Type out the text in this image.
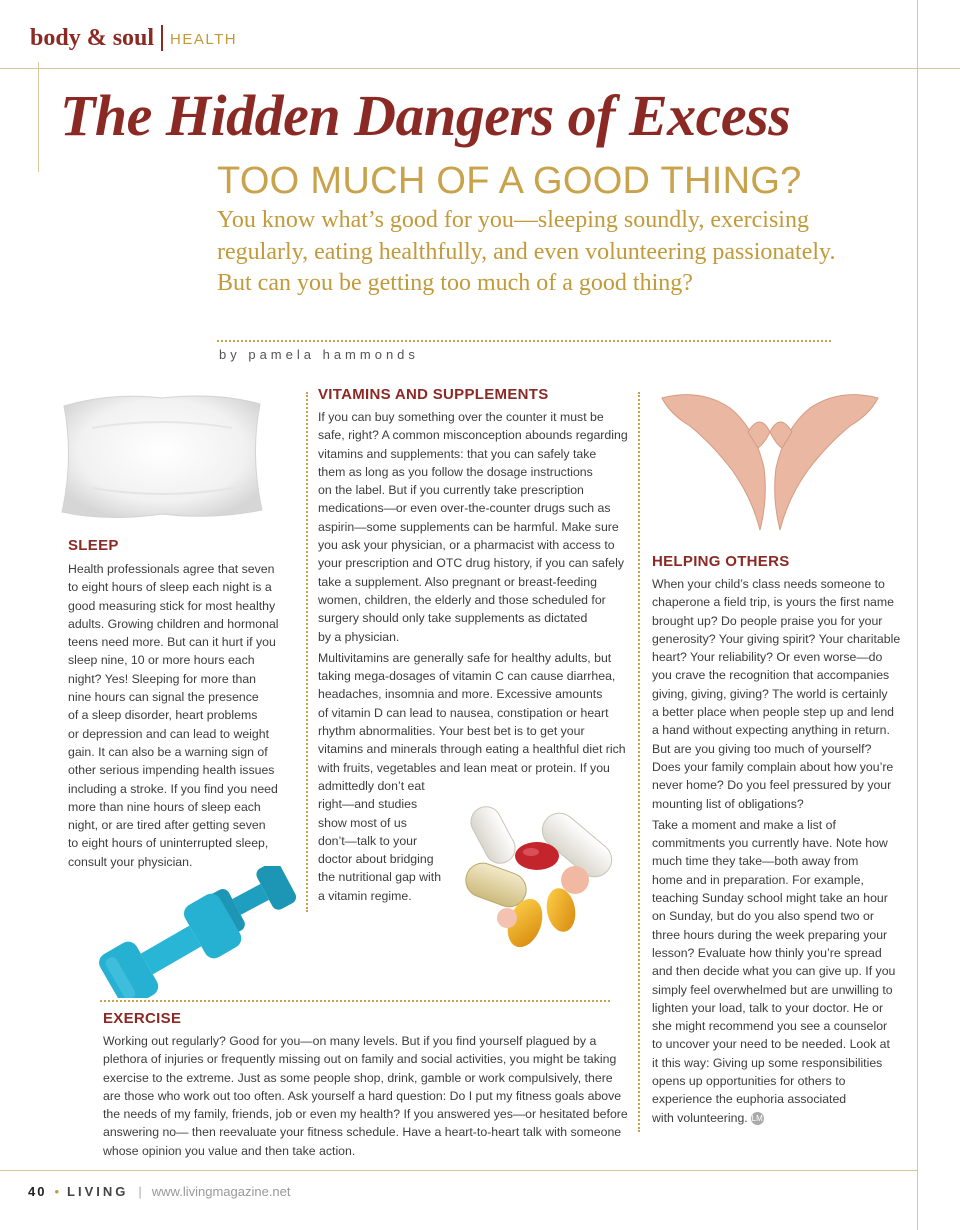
body & soul HEALTH
The Hidden Dangers of Excess
TOO MUCH OF A GOOD THING?
You know what’s good for you—sleeping soundly, exercising regularly, eating healthfully, and even volunteering passionately. But can you be getting too much of a good thing?
by pamela hammonds
SLEEP
Health professionals agree that seven
to eight hours of sleep each night is a
good measuring stick for most healthy
adults. Growing children and hormonal
teens need more. But can it hurt if you
sleep nine, 10 or more hours each
night? Yes! Sleeping for more than
nine hours can signal the presence
of a sleep disorder, heart problems
or depression and can lead to weight
gain. It can also be a warning sign of
other serious impending health issues
including a stroke. If you find you need
more than nine hours of sleep each
night, or are tired after getting seven
to eight hours of uninterrupted sleep,
consult your physician.
VITAMINS AND SUPPLEMENTS
If you can buy something over the counter it must be
safe, right? A common misconception abounds regarding
vitamins and supplements: that you can safely take
them as long as you follow the dosage instructions
on the label. But if you currently take prescription
medications—or even over-the-counter drugs such as
aspirin—some supplements can be harmful. Make sure
you ask your physician, or a pharmacist with access to
your prescription and OTC drug history, if you can safely
take a supplement. Also pregnant or breast-feeding
women, children, the elderly and those scheduled for
surgery should only take supplements as dictated
by a physician.
Multivitamins are generally safe for healthy adults, but
taking mega-dosages of vitamin C can cause diarrhea,
headaches, insomnia and more. Excessive amounts
of vitamin D can lead to nausea, constipation or heart
rhythm abnormalities. Your best bet is to get your
vitamins and minerals through eating a healthful diet rich
with fruits, vegetables and lean meat or protein. If you
admittedly don’t eat
right—and studies
show most of us
don’t—talk to your
doctor about bridging
the nutritional gap with
a vitamin regime.
HELPING OTHERS
When your child’s class needs someone to
chaperone a field trip, is yours the first name
brought up? Do people praise you for your
generosity? Your giving spirit? Your charitable
heart? Your reliability? Or even worse—do
you crave the recognition that accompanies
giving, giving, giving? The world is certainly
a better place when people step up and lend
a hand without expecting anything in return.
But are you giving too much of yourself?
Does your family complain about how you’re
never home? Do you feel pressured by your
mounting list of obligations?
Take a moment and make a list of
commitments you currently have. Note how
much time they take—both away from
home and in preparation. For example,
teaching Sunday school might take an hour
on Sunday, but do you also spend two or
three hours during the week preparing your
lesson? Evaluate how thinly you’re spread
and then decide what you can give up. If you
simply feel overwhelmed but are unwilling to
lighten your load, talk to your doctor. He or
she might recommend you see a counselor
to uncover your need to be needed. Look at
it this way: Giving up some responsibilities
opens up opportunities for others to
experience the euphoria associated
with volunteering. LM
EXERCISE
Working out regularly? Good for you—on many levels. But if you find yourself plagued by a
plethora of injuries or frequently missing out on family and social activities, you might be taking
exercise to the extreme. Just as some people shop, drink, gamble or work compulsively, there
are those who work out too often. Ask yourself a hard question: Do I put my fitness goals above
the needs of my family, friends, job or even my health? If you answered yes—or hesitated before
answering no— then reevaluate your fitness schedule. Have a heart-to-heart talk with someone
whose opinion you value and then take action.
40 • LIVING | www.livingmagazine.net
